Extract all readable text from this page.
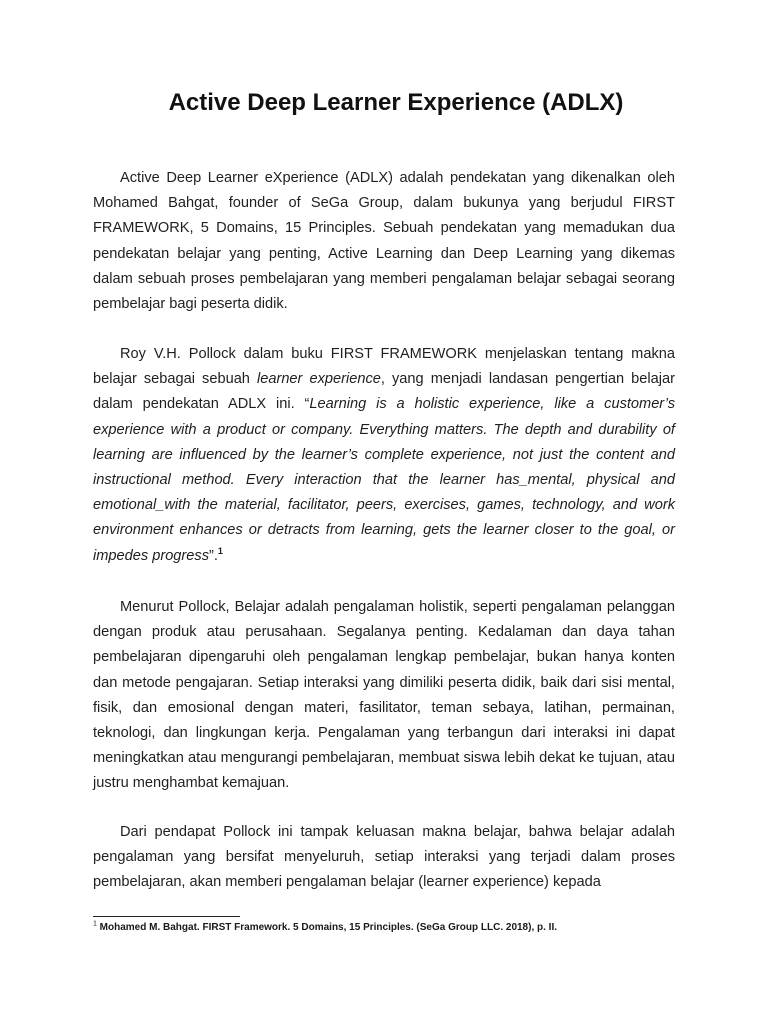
Active Deep Learner Experience (ADLX)

Active Deep Learner eXperience (ADLX) adalah pendekatan yang dikenalkan oleh Mohamed Bahgat, founder of SeGa Group, dalam bukunya yang berjudul FIRST FRAMEWORK, 5 Domains, 15 Principles. Sebuah pendekatan yang memadukan dua pendekatan belajar yang penting, Active Learning dan Deep Learning yang dikemas dalam sebuah proses pembelajaran yang memberi pengalaman belajar sebagai seorang pembelajar bagi peserta didik.

Roy V.H. Pollock dalam buku FIRST FRAMEWORK menjelaskan tentang makna belajar sebagai sebuah learner experience, yang menjadi landasan pengertian belajar dalam pendekatan ADLX ini. “Learning is a holistic experience, like a customer’s experience with a product or company. Everything matters. The depth and durability of learning are influenced by the learner’s complete experience, not just the content and instructional method. Every interaction that the learner has_mental, physical and emotional_with the material, facilitator, peers, exercises, games, technology, and work environment enhances or detracts from learning, gets the learner closer to the goal, or impedes progress”.$^1$

Menurut Pollock, Belajar adalah pengalaman holistik, seperti pengalaman pelanggan dengan produk atau perusahaan. Segalanya penting. Kedalaman dan daya tahan pembelajaran dipengaruhi oleh pengalaman lengkap pembelajar, bukan hanya konten dan metode pengajaran. Setiap interaksi yang dimiliki peserta didik, baik dari sisi mental, fisik, dan emosional dengan materi, fasilitator, teman sebaya, latihan, permainan, teknologi, dan lingkungan kerja. Pengalaman yang terbangun dari interaksi ini dapat meningkatkan atau mengurangi pembelajaran, membuat siswa lebih dekat ke tujuan, atau justru menghambat kemajuan.

Dari pendapat Pollock ini tampak keluasan makna belajar, bahwa belajar adalah pengalaman yang bersifat menyeluruh, setiap interaksi yang terjadi dalam proses pembelajaran, akan memberi pengalaman belajar (learner experience) kepada

$^1$ Mohamed M. Bahgat. FIRST Framework. 5 Domains, 15 Principles. (SeGa Group LLC. 2018), p. II.
